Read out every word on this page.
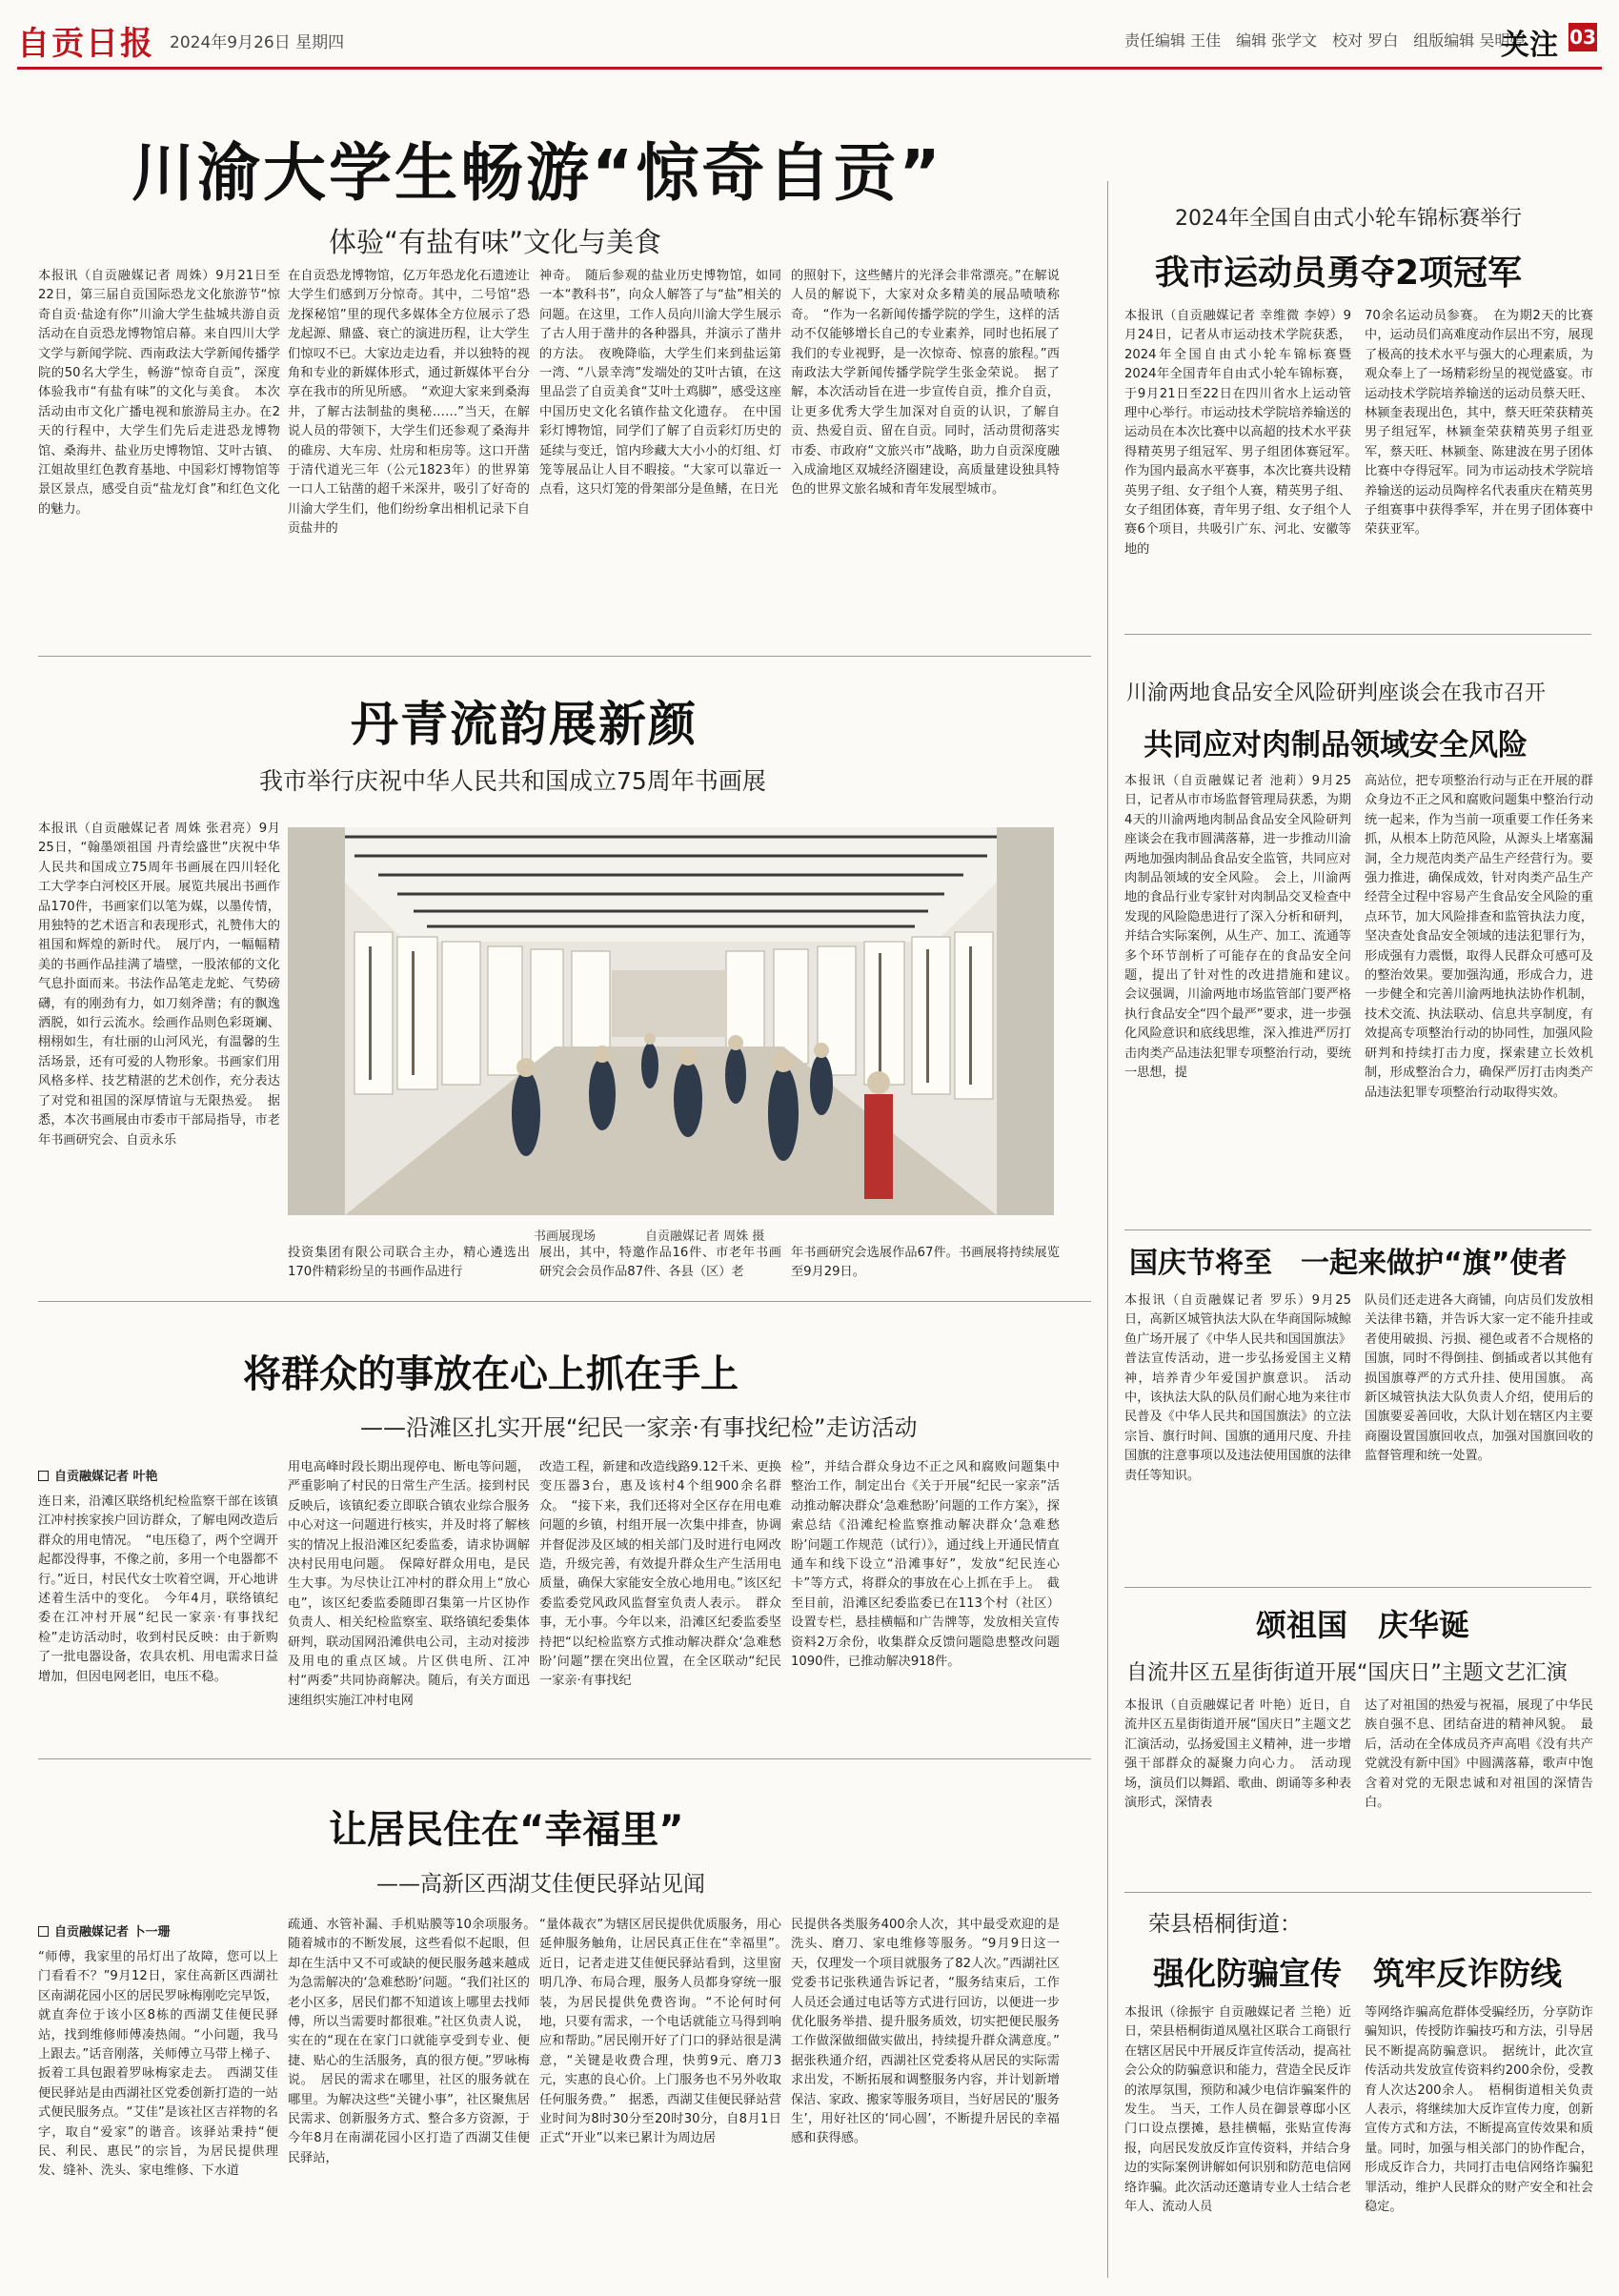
自贡日报 2024年9月26日 星期四	责任编辑 王佳　编辑 张学文　校对 罗白　组版编辑 吴明婷
关注 03
川渝大学生畅游“惊奇自贡”
体验“有盐有味”文化与美食
本报讯（自贡融媒记者 周姝）9月21日至22日，第三届自贡国际恐龙文化旅游节“惊奇自贡·盐途有你”川渝大学生盐城共游自贡活动在自贡恐龙博物馆启幕。来自四川大学文学与新闻学院、西南政法大学新闻传播学院的50名大学生，畅游“惊奇自贡”，深度体验我市“有盐有味”的文化与美食。　本次活动由市文化广播电视和旅游局主办。在2天的行程中，大学生们先后走进恐龙博物馆、桑海井、盐业历史博物馆、艾叶古镇、江姐故里红色教育基地、中国彩灯博物馆等景区景点，感受自贡“盐龙灯食”和红色文化的魅力。
在自贡恐龙博物馆，亿万年恐龙化石遗迹让大学生们感到万分惊奇。其中，二号馆“恐龙探秘馆”里的现代多媒体全方位展示了恐龙起源、鼎盛、衰亡的演进历程，让大学生们惊叹不已。大家边走边看，并以独特的视角和专业的新媒体形式，通过新媒体平台分享在我市的所见所感。　“欢迎大家来到桑海井，了解古法制盐的奥秘……”当天，在解说人员的带领下，大学生们还参观了桑海井的碓房、大车房、灶房和柜房等。这口开凿于清代道光三年（公元1823年）的世界第一口人工钻凿的超千米深井，吸引了好奇的川渝大学生们，他们纷纷拿出相机记录下自贡盐井的
神奇。　随后参观的盐业历史博物馆，如同一本“教科书”，向众人解答了与“盐”相关的问题。在这里，工作人员向川渝大学生展示了古人用于凿井的各种器具，并演示了凿井的方法。　夜晚降临，大学生们来到盐运第一湾、“八景幸湾”发端处的艾叶古镇，在这里品尝了自贡美食“艾叶土鸡脚”，感受这座中国历史文化名镇作盐文化遗存。　在中国彩灯博物馆，同学们了解了自贡彩灯历史的延续与变迁，馆内珍藏大大小小的灯组、灯笼等展品让人目不暇接。“大家可以靠近一点看，这只灯笼的骨架部分是鱼鳍，在日光
的照射下，这些鳍片的光泽会非常漂亮。”在解说人员的解说下，大家对众多精美的展品啧啧称奇。　“作为一名新闻传播学院的学生，这样的活动不仅能够增长自己的专业素养，同时也拓展了我们的专业视野，是一次惊奇、惊喜的旅程。”西南政法大学新闻传播学院学生张金荣说。　据了解，本次活动旨在进一步宣传自贡，推介自贡，让更多优秀大学生加深对自贡的认识，了解自贡、热爱自贡、留在自贡。同时，活动贯彻落实市委、市政府“文旅兴市”战略，助力自贡深度融入成渝地区双城经济圈建设，高质量建设独具特色的世界文旅名城和青年发展型城市。
2024年全国自由式小轮车锦标赛举行
我市运动员勇夺2项冠军
本报讯（自贡融媒记者 幸维微 李婷）9月24日，记者从市运动技术学院获悉，2024年全国自由式小轮车锦标赛暨2024年全国青年自由式小轮车锦标赛，于9月21日至22日在四川省水上运动管理中心举行。市运动技术学院培养输送的运动员在本次比赛中以高超的技术水平获得精英男子组冠军、男子组团体赛冠军。　作为国内最高水平赛事，本次比赛共设精英男子组、女子组个人赛，精英男子组、女子组团体赛，青年男子组、女子组个人赛6个项目，共吸引广东、河北、安徽等地的
70余名运动员参赛。　在为期2天的比赛中，运动员们高难度动作层出不穷，展现了极高的技术水平与强大的心理素质，为观众奉上了一场精彩纷呈的视觉盛宴。市运动技术学院培养输送的运动员蔡天旺、林颍奎表现出色，其中，蔡天旺荣获精英男子组冠军，林颍奎荣获精英男子组亚军，蔡天旺、林颍奎、陈建波在男子团体比赛中夺得冠军。同为市运动技术学院培养输送的运动员陶梓名代表重庆在精英男子组赛事中获得季军，并在男子团体赛中荣获亚军。
丹青流韵展新颜
我市举行庆祝中华人民共和国成立75周年书画展
本报讯（自贡融媒记者 周姝 张君亮）9月25日，“翰墨颂祖国 丹青绘盛世”庆祝中华人民共和国成立75周年书画展在四川轻化工大学李白河校区开展。展览共展出书画作品170件，书画家们以笔为媒，以墨传情，用独特的艺术语言和表现形式，礼赞伟大的祖国和辉煌的新时代。　展厅内，一幅幅精美的书画作品挂满了墙壁，一股浓郁的文化气息扑面而来。书法作品笔走龙蛇、气势磅礴，有的刚劲有力，如刀刻斧凿；有的飘逸洒脱，如行云流水。绘画作品则色彩斑斓、栩栩如生，有壮丽的山河风光，有温馨的生活场景，还有可爱的人物形象。书画家们用风格多样、技艺精湛的艺术创作，充分表达了对党和祖国的深厚情谊与无限热爱。　据悉，本次书画展由市委市干部局指导，市老年书画研究会、自贡永乐
书画展现场　　　　自贡融媒记者 周姝 摄
投资集团有限公司联合主办，精心遴选出170件精彩纷呈的书画作品进行
展出，其中，特邀作品16件、市老年书画研究会会员作品87件、各县（区）老
年书画研究会选展作品67件。书画展将持续展览至9月29日。
川渝两地食品安全风险研判座谈会在我市召开
共同应对肉制品领域安全风险
本报讯（自贡融媒记者 池莉）9月25日，记者从市市场监督管理局获悉，为期4天的川渝两地肉制品食品安全风险研判座谈会在我市圆满落幕，进一步推动川渝两地加强肉制品食品安全监管，共同应对肉制品领域的安全风险。　会上，川渝两地的食品行业专家针对肉制品交叉检查中发现的风险隐患进行了深入分析和研判，并结合实际案例，从生产、加工、流通等多个环节剖析了可能存在的食品安全问题，提出了针对性的改进措施和建议。　会议强调，川渝两地市场监管部门要严格执行食品安全“四个最严”要求，进一步强化风险意识和底线思维，深入推进严厉打击肉类产品违法犯罪专项整治行动，要统一思想，提
高站位，把专项整治行动与正在开展的群众身边不正之风和腐败问题集中整治行动统一起来，作为当前一项重要工作任务来抓，从根本上防范风险，从源头上堵塞漏洞，全力规范肉类产品生产经营行为。要强力推进，确保成效，针对肉类产品生产经营全过程中容易产生食品安全风险的重点环节，加大风险排查和监管执法力度，坚决查处食品安全领域的违法犯罪行为，形成强有力震慑，取得人民群众可感可及的整治效果。要加强沟通，形成合力，进一步健全和完善川渝两地执法协作机制，技术交流、执法联动、信息共享制度，有效提高专项整治行动的协同性，加强风险研判和持续打击力度，探索建立长效机制，形成整治合力，确保严厉打击肉类产品违法犯罪专项整治行动取得实效。
国庆节将至　一起来做护“旗”使者
本报讯（自贡融媒记者 罗乐）9月25日，高新区城管执法大队在华商国际城鲸鱼广场开展了《中华人民共和国国旗法》普法宣传活动，进一步弘扬爱国主义精神，培养青少年爱国护旗意识。　活动中，该执法大队的队员们耐心地为来往市民普及《中华人民共和国国旗法》的立法宗旨、旗行时间、国旗的通用尺度、升挂国旗的注意事项以及违法使用国旗的法律责任等知识。
队员们还走进各大商铺，向店员们发放相关法律书籍，并告诉大家一定不能升挂或者使用破损、污损、褪色或者不合规格的国旗，同时不得倒挂、倒插或者以其他有损国旗尊严的方式升挂、使用国旗。　高新区城管执法大队负责人介绍，使用后的国旗要妥善回收，大队计划在辖区内主要商圈设置国旗回收点，加强对国旗回收的监督管理和统一处置。
将群众的事放在心上抓在手上
——沿滩区扎实开展“纪民一家亲·有事找纪检”走访活动
自贡融媒记者 叶艳
连日来，沿滩区联络机纪检监察干部在该镇江冲村挨家挨户回访群众，了解电网改造后群众的用电情况。　“电压稳了，两个空调开起都没得事，不像之前，多用一个电器都不行。”近日，村民代女士吹着空调，开心地讲述着生活中的变化。　今年4月，联络镇纪委在江冲村开展“纪民一家亲·有事找纪检”走访活动时，收到村民反映：由于新购了一批电器设备，农具农机、用电需求日益增加，但因电网老旧，电压不稳。
用电高峰时段长期出现停电、断电等问题，严重影响了村民的日常生产生活。接到村民反映后，该镇纪委立即联合镇农业综合服务中心对这一问题进行核实，并及时将了解核实的情况上报沿滩区纪委监委，请求协调解决村民用电问题。　保障好群众用电，是民生大事。为尽快让江冲村的群众用上“放心电”，该区纪委监委随即召集第一片区协作负责人、相关纪检监察室、联络镇纪委集体研判，联动国网沿滩供电公司，主动对接涉及用电的重点区域。片区供电所、江冲村“两委”共同协商解决。随后，有关方面迅速组织实施江冲村电网
改造工程，新建和改造线路9.12千米、更换变压器3台，惠及该村4个组900余名群众。　“接下来，我们还将对全区存在用电难问题的乡镇，村组开展一次集中排查，协调并督促涉及区域的相关部门及时进行电网改造，升级完善，有效提升群众生产生活用电质量，确保大家能安全放心地用电。”该区纪委监委党风政风监督室负责人表示。　群众事，无小事。今年以来，沿滩区纪委监委坚持把“以纪检监察方式推动解决群众‘急难愁盼’问题”摆在突出位置，在全区联动“纪民一家亲·有事找纪
检”，并结合群众身边不正之风和腐败问题集中整治工作，制定出台《关于开展“纪民一家亲”活动推动解决群众‘急难愁盼’问题的工作方案》，探索总结《沿滩纪检监察推动解决群众‘急难愁盼’问题工作规范（试行）》，通过线上开通民情直通车和线下设立“沿滩事好”，发放“纪民连心卡”等方式，将群众的事放在心上抓在手上。　截至目前，沿滩区纪委监委已在113个村（社区）设置专栏，悬挂横幅和广告牌等，发放相关宣传资料2万余份，收集群众反馈问题隐患整改问题1090件，已推动解决918件。
颂祖国　庆华诞
自流井区五星街街道开展“国庆日”主题文艺汇演
本报讯（自贡融媒记者 叶艳）近日，自流井区五星街街道开展“国庆日”主题文艺汇演活动，弘扬爱国主义精神，进一步增强干部群众的凝聚力向心力。　活动现场，演员们以舞蹈、歌曲、朗诵等多种表演形式，深情表
达了对祖国的热爱与祝福，展现了中华民族自强不息、团结奋进的精神风貌。　最后，活动在全体成员齐声高唱《没有共产党就没有新中国》中圆满落幕，歌声中饱含着对党的无限忠诚和对祖国的深情告白。
让居民住在“幸福里”
——高新区西湖艾佳便民驿站见闻
自贡融媒记者 卜一珊
“师傅，我家里的吊灯出了故障，您可以上门看看不？”9月12日，家住高新区西湖社区南湖花园小区的居民罗咏梅刚吃完早饭，就直奔位于该小区8栋的西湖艾佳便民驿站，找到维修师傅凑热闹。“小问题，我马上跟去。”话音刚落，关师傅立马带上梯子、扳着工具包跟着罗咏梅家走去。　西湖艾佳便民驿站是由西湖社区党委创新打造的一站式便民服务点。“艾佳”是该社区吉祥物的名字，取自“爱家”的谐音。该驿站秉持“便民、利民、惠民”的宗旨，为居民提供理发、缝补、洗头、家电维修、下水道
疏通、水管补漏、手机贴膜等10余项服务。　随着城市的不断发展，这些看似不起眼，但却在生活中又不可或缺的便民服务越来越成为急需解决的‘急难愁盼’问题。“我们社区的老小区多，居民们都不知道该上哪里去找师傅，所以当需要时都很难。”社区负责人说，实在的“现在在家门口就能享受到专业、便捷、贴心的生活服务，真的很方便。”罗咏梅说。　居民的需求在哪里，社区的服务就在哪里。为解决这些“关键小事”，社区聚焦居民需求、创新服务方式、整合多方资源，于今年8月在南湖花园小区打造了西湖艾佳便民驿站，
“量体裁衣”为辖区居民提供优质服务，用心延伸服务触角，让居民真正住在“幸福里”。　近日，记者走进艾佳便民驿站看到，这里窗明几净、布局合理，服务人员都身穿统一服装，为居民提供免费咨询。“不论何时何地，只要有需求，一个电话就能立马得到响应和帮助。”居民刚开好了门口的驿站很是满意，“关键是收费合理，快剪9元、磨刀3元，实惠的良心价。上门服务也不另外收取任何服务费。”　据悉，西湖艾佳便民驿站营业时间为8时30分至20时30分，自8月1日正式“开业”以来已累计为周边居
民提供各类服务400余人次，其中最受欢迎的是洗头、磨刀、家电维修等服务。“9月9日这一天，仅理发一个项目就服务了82人次。”西湖社区党委书记张秩通告诉记者，“服务结束后，工作人员还会通过电话等方式进行回访，以便进一步优化服务举措、提升服务质效，切实把便民服务工作做深做细做实做出，持续提升群众满意度。”　据张秩通介绍，西湖社区党委将从居民的实际需求出发，不断拓展和调整服务内容，并计划新增保洁、家政、搬家等服务项目，当好居民的‘服务生’，用好社区的‘同心圆’，不断提升居民的幸福感和获得感。
荣县梧桐街道：
强化防骗宣传　筑牢反诈防线
本报讯（徐振宇 自贡融媒记者 兰艳）近日，荣县梧桐街道凤凰社区联合工商银行在辖区居民中开展反诈宣传活动，提高社会公众的防骗意识和能力，营造全民反诈的浓厚氛围，预防和减少电信诈骗案件的发生。　当天，工作人员在御景尊邸小区门口设点摆摊，悬挂横幅，张贴宣传海报，向居民发放反诈宣传资料，并结合身边的实际案例讲解如何识别和防范电信网络诈骗。此次活动还邀请专业人士结合老年人、流动人员
等网络诈骗高危群体受骗经历，分享防诈骗知识，传授防诈骗技巧和方法，引导居民不断提高防骗意识。　据统计，此次宣传活动共发放宣传资料约200余份，受教育人次达200余人。　梧桐街道相关负责人表示，将继续加大反诈宣传力度，创新宣传方式和方法，不断提高宣传效果和质量。同时，加强与相关部门的协作配合，形成反诈合力，共同打击电信网络诈骗犯罪活动，维护人民群众的财产安全和社会稳定。
